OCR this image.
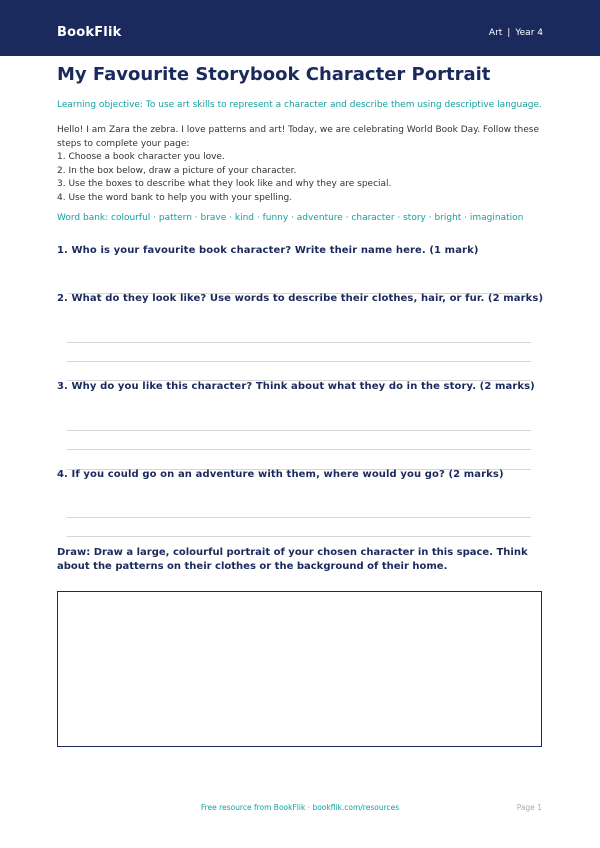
BookFlik	Art | Year 4
My Favourite Storybook Character Portrait
Learning objective: To use art skills to represent a character and describe them using descriptive language.

Hello! I am Zara the zebra. I love patterns and art! Today, we are celebrating World Book Day. Follow these steps to complete your page:

1. Choose a book character you love.
2. In the box below, draw a picture of your character.
3. Use the boxes to describe what they look like and why they are special.
4. Use the word bank to help you with your spelling.
Word bank: colourful · pattern · brave · kind · funny · adventure · character · story · bright · imagination
1. Who is your favourite book character? Write their name here. (1 mark)
2. What do they look like? Use words to describe their clothes, hair, or fur. (2 marks)
3. Why do you like this character? Think about what they do in the story. (2 marks)
4. If you could go on an adventure with them, where would you go? (2 marks)
Draw: Draw a large, colourful portrait of your chosen character in this space. Think about the patterns on their clothes or the background of their home.
Free resource from BookFlik · bookflik.com/resources	Page 1
